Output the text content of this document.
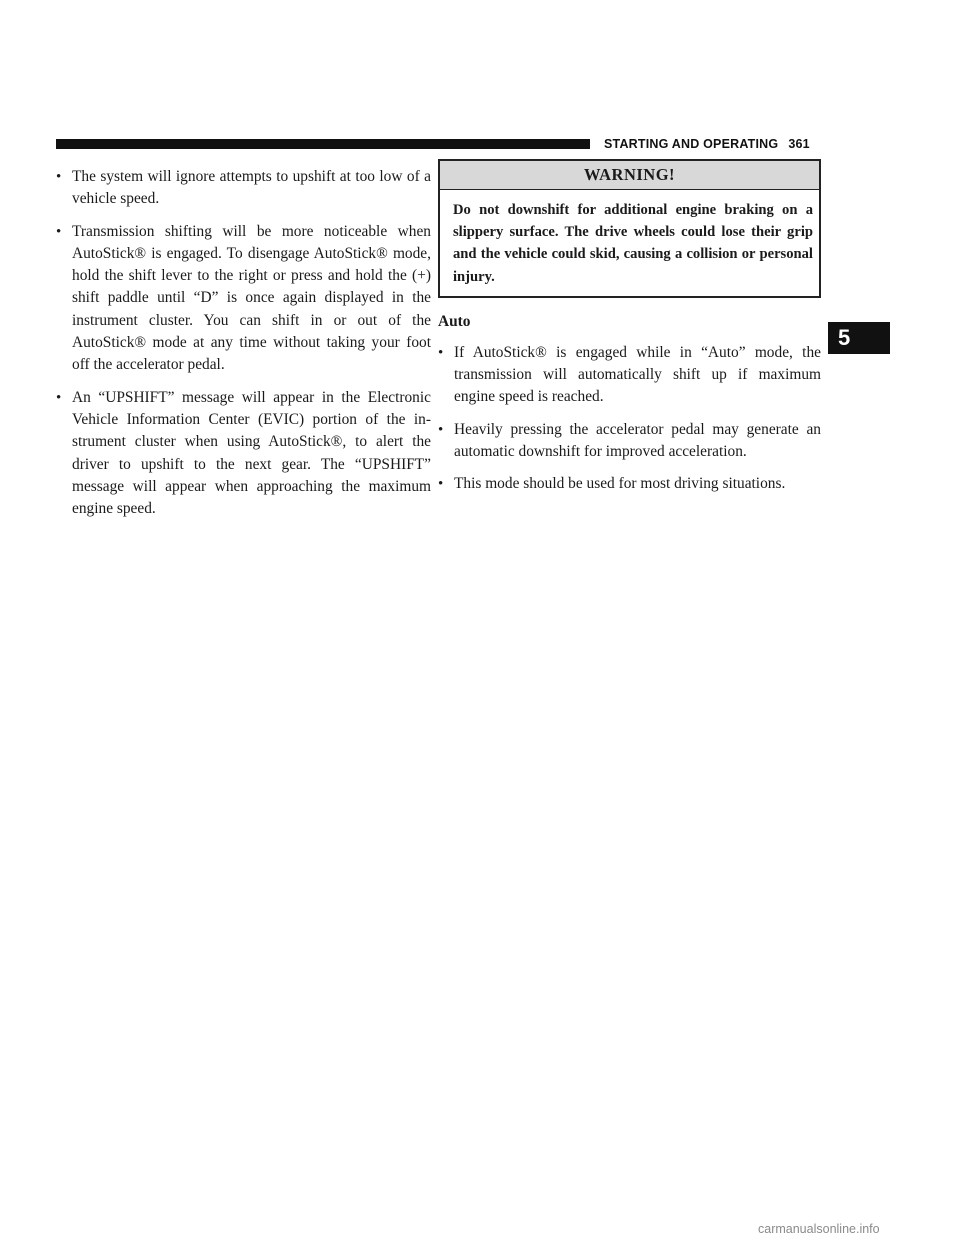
STARTING AND OPERATING 361
• The system will ignore attempts to upshift at too low of a vehicle speed.
• Transmission shifting will be more noticeable when AutoStick® is engaged. To disengage AutoStick® mode, hold the shift lever to the right or press and hold the (+) shift paddle until “D” is once again displayed in the instrument cluster. You can shift in or out of the AutoStick® mode at any time without taking your foot off the accelerator pedal.
• An “UPSHIFT” message will appear in the Electronic Vehicle Information Center (EVIC) portion of the in-strument cluster when using AutoStick®, to alert the driver to upshift to the next gear. The “UPSHIFT” message will appear when approaching the maximum engine speed.
WARNING!
Do not downshift for additional engine braking on a slippery surface. The drive wheels could lose their grip and the vehicle could skid, causing a collision or personal injury.
Auto
• If AutoStick® is engaged while in “Auto” mode, the transmission will automatically shift up if maximum engine speed is reached.
• Heavily pressing the accelerator pedal may generate an automatic downshift for improved acceleration.
• This mode should be used for most driving situations.
5
carmanualsonline.info
